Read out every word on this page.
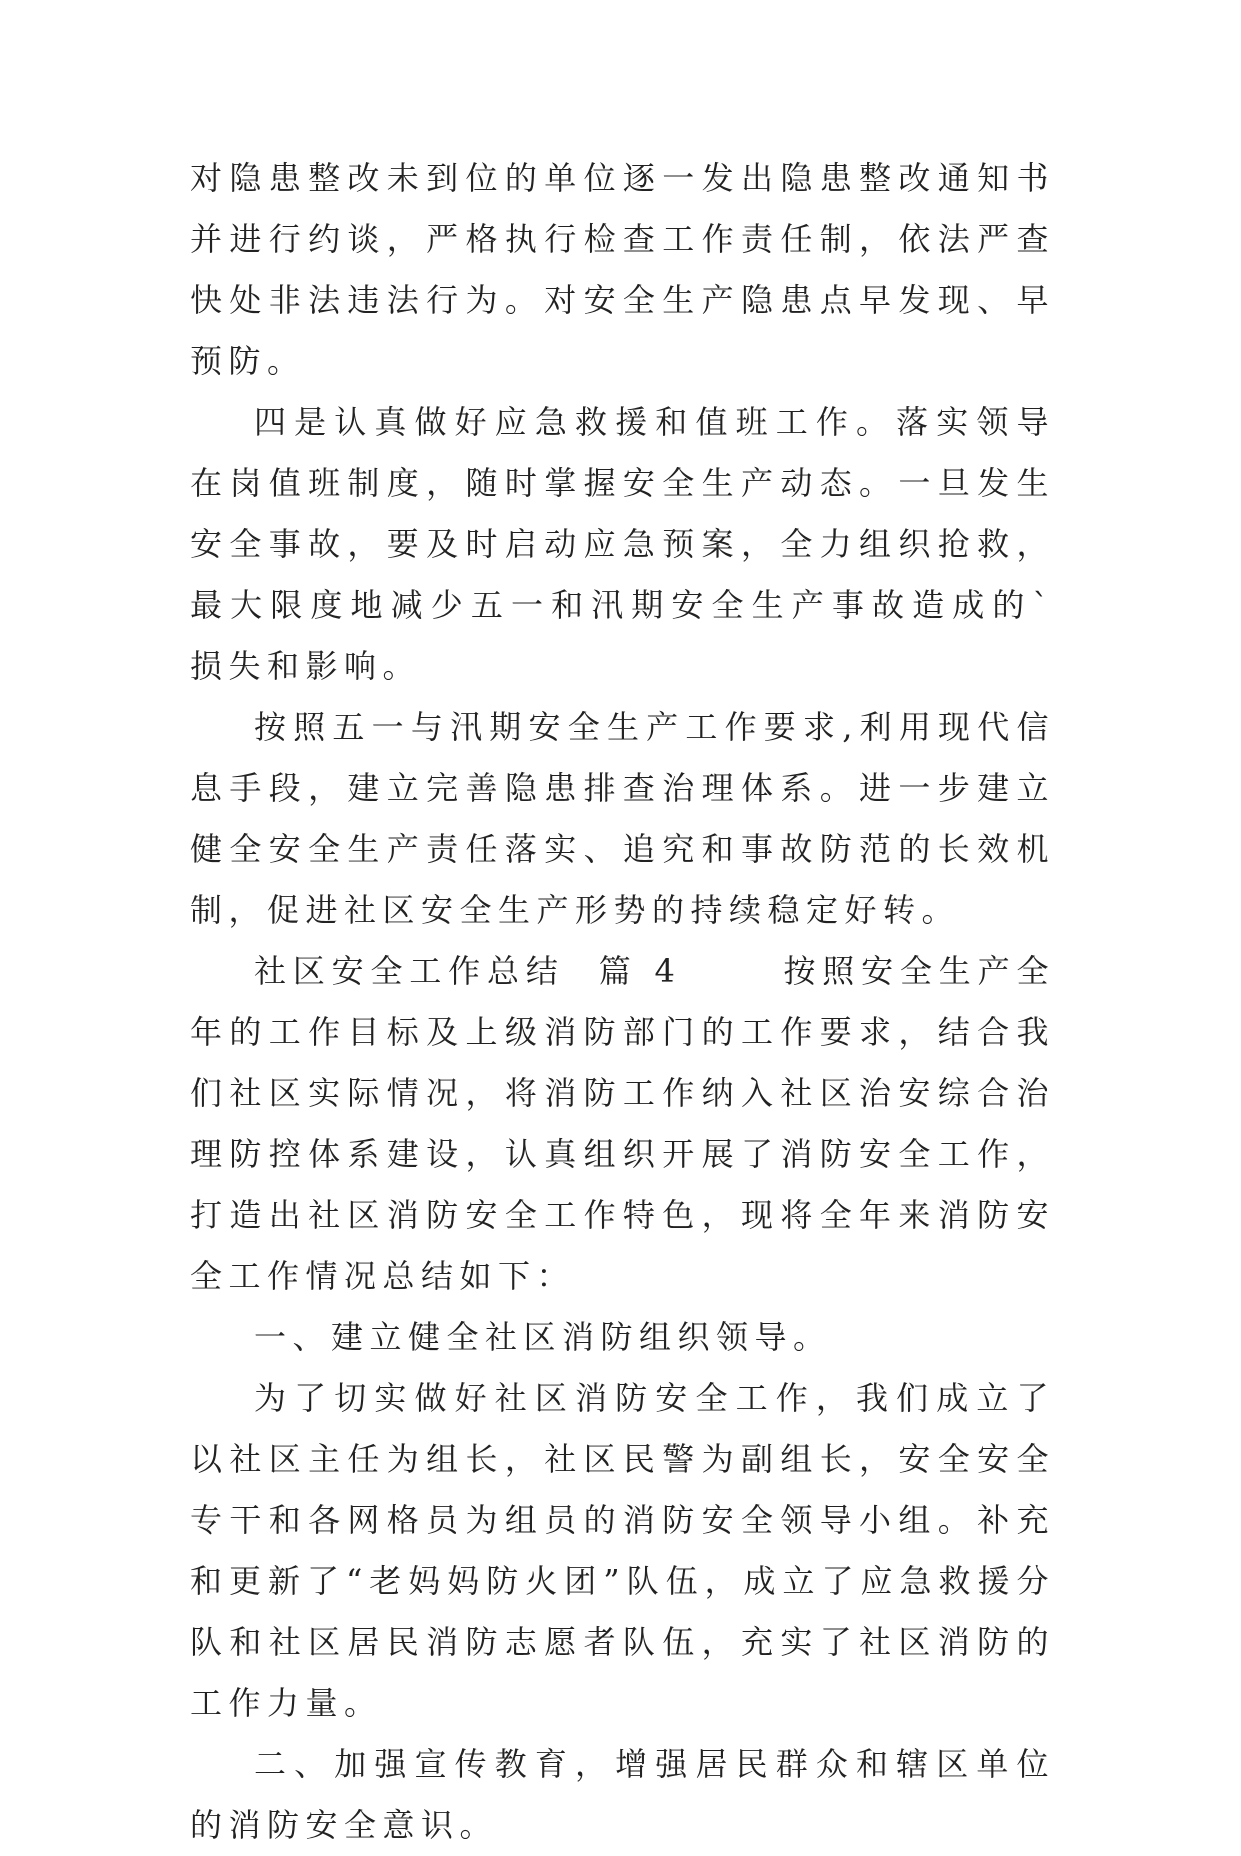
对隐患整改未到位的单位逐一发出隐患整改通知书并进行约谈，严格执行检查工作责任制，依法严查快处非法违法行为。对安全生产隐患点早发现、早预防。

四是认真做好应急救援和值班工作。落实领导在岗值班制度，随时掌握安全生产动态。一旦发生安全事故，要及时启动应急预案，全力组织抢救，最大限度地减少五一和汛期安全生产事故造成的`损失和影响。

按照五一与汛期安全生产工作要求,利用现代信息手段，建立完善隐患排查治理体系。进一步建立健全安全生产责任落实、追究和事故防范的长效机制，促进社区安全生产形势的持续稳定好转。

社区安全工作总结  篇 4      按照安全生产全年的工作目标及上级消防部门的工作要求，结合我们社区实际情况，将消防工作纳入社区治安综合治理防控体系建设，认真组织开展了消防安全工作，打造出社区消防安全工作特色，现将全年来消防安全工作情况总结如下：

一、建立健全社区消防组织领导。

为了切实做好社区消防安全工作，我们成立了以社区主任为组长，社区民警为副组长，安全安全专干和各网格员为组员的消防安全领导小组。补充和更新了“老妈妈防火团”队伍，成立了应急救援分队和社区居民消防志愿者队伍，充实了社区消防的工作力量。

二、加强宣传教育，增强居民群众和辖区单位的消防安全意识。
